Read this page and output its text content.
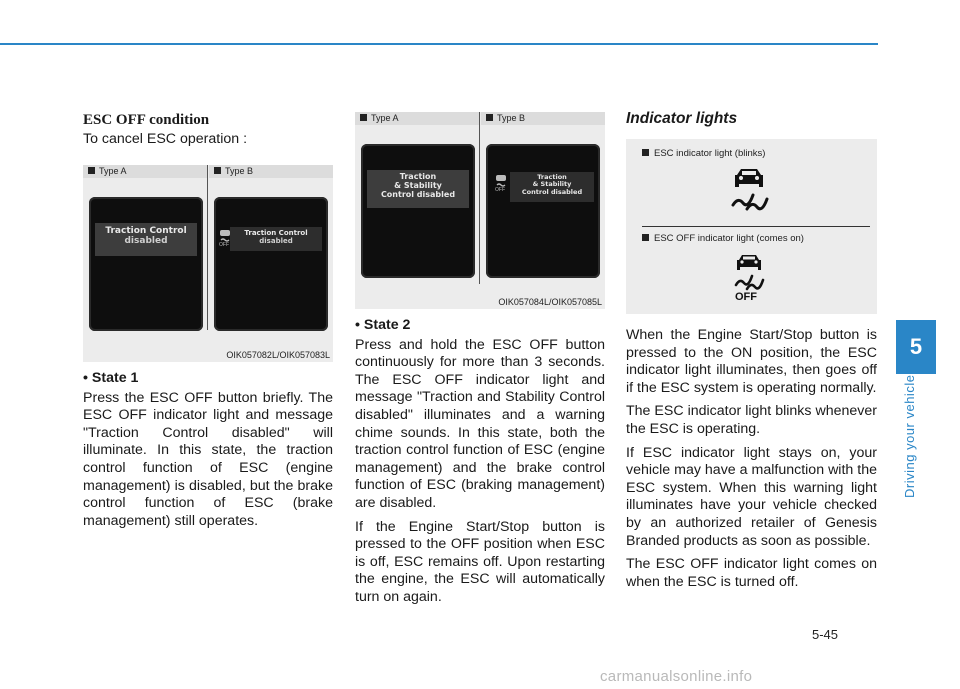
ESC OFF condition
To cancel ESC operation :
Type A	Type B
Traction Control
disabled
Traction Control
disabled
OFF
OIK057082L/OIK057083L
• State 1

Press the ESC OFF button briefly. The ESC OFF indicator light and message "Traction Control disabled" will illuminate. In this state, the traction control function of ESC (engine management) is disabled, but the brake control function of ESC (brake management) still operates.

Type A	Type B
Traction
& Stability
Control disabled
Traction
& Stability
Control disabled
OFF
OIK057084L/OIK057085L
• State 2

Press and hold the ESC OFF button continuously for more than 3 seconds. The ESC OFF indicator light and message "Traction and Stability Control disabled" illuminates and a warning chime sounds. In this state, both the traction control function of ESC (engine management) and the brake control function of ESC (braking management) are disabled.

If the Engine Start/Stop button is pressed to the OFF position when ESC is off, ESC remains off. Upon restarting the engine, the ESC will automatically turn on again.

Indicator lights
ESC indicator light (blinks)
ESC OFF indicator light (comes on)
OFF

When the Engine Start/Stop button is pressed to the ON position, the ESC indicator light illuminates, then goes off if the ESC system is operating normally.

The ESC indicator light blinks whenever the ESC is operating.

If ESC indicator light stays on, your vehicle may have a malfunction with the ESC system. When this warning light illuminates have your vehicle checked by an authorized retailer of Genesis Branded products as soon as possible.

The ESC OFF indicator light comes on when the ESC is turned off.

5
Driving your vehicle
5-45
carmanualsonline.info
